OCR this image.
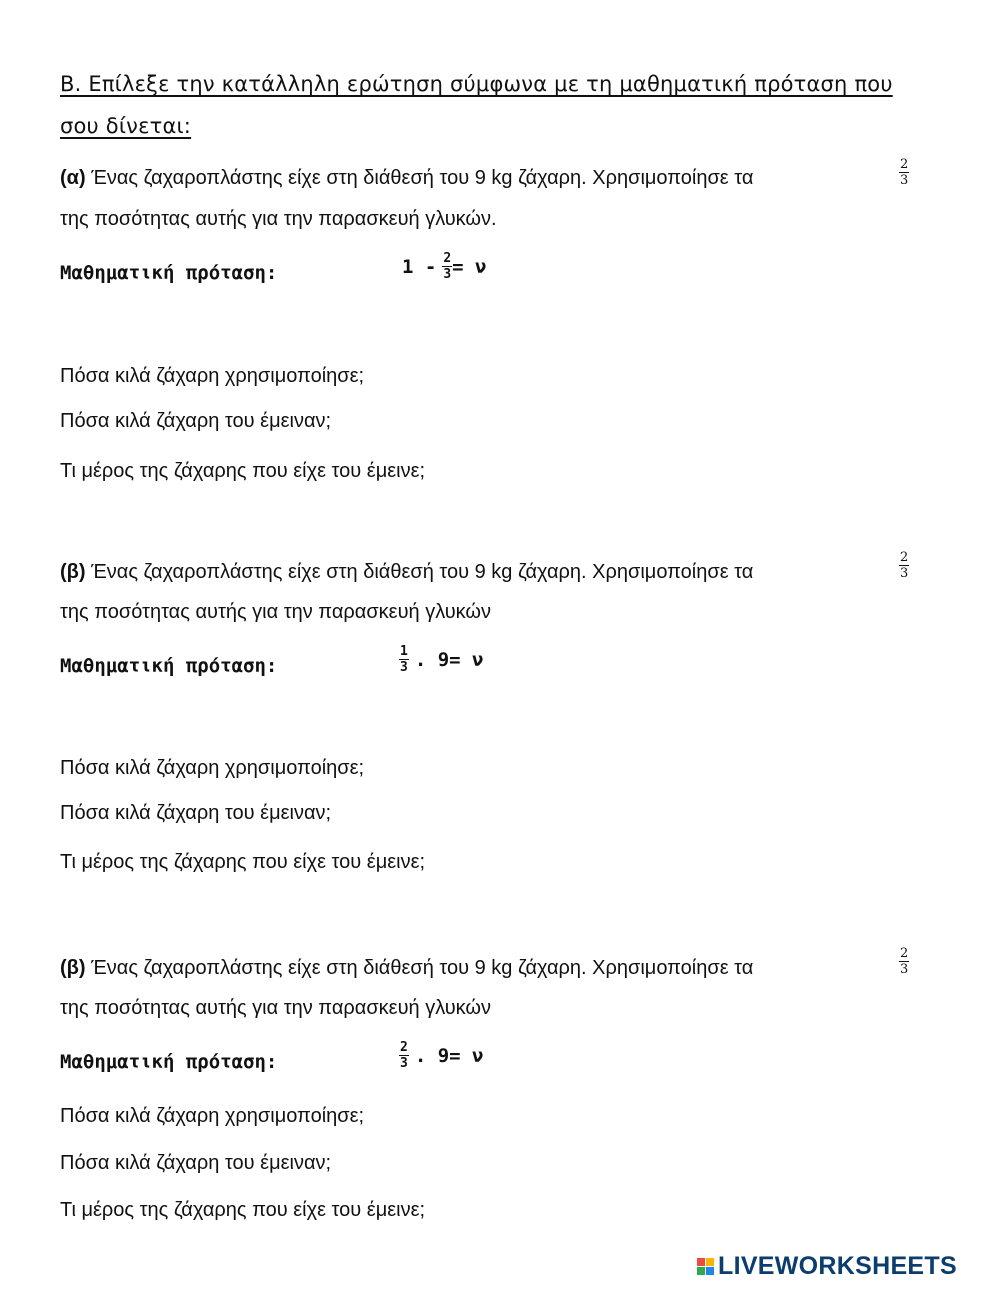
Β. Επίλεξε την κατάλληλη ερώτηση σύμφωνα με τη μαθηματική πρόταση που
σου δίνεται:
(α) Ένας ζαχαροπλάστης είχε στη διάθεσή του 9 kg ζάχαρη. Χρησιμοποίησε τα	$\frac{2}{3}$
της ποσότητας αυτής για την παρασκευή γλυκών.
Μαθηματική πρόταση:	$1 - \frac{2}{3} = \nu$
Πόσα κιλά ζάχαρη χρησιμοποίησε;
Πόσα κιλά ζάχαρη του έμειναν;
Τι μέρος της ζάχαρης που είχε του έμεινε;
(β) Ένας ζαχαροπλάστης είχε στη διάθεσή του 9 kg ζάχαρη. Χρησιμοποίησε τα	$\frac{2}{3}$
της ποσότητας αυτής για την παρασκευή γλυκών
Μαθηματική πρόταση:	$\frac{1}{3}$ . 9= ν
Πόσα κιλά ζάχαρη χρησιμοποίησε;
Πόσα κιλά ζάχαρη του έμειναν;
Τι μέρος της ζάχαρης που είχε του έμεινε;
(β) Ένας ζαχαροπλάστης είχε στη διάθεσή του 9 kg ζάχαρη. Χρησιμοποίησε τα	$\frac{2}{3}$
της ποσότητας αυτής για την παρασκευή γλυκών
Μαθηματική πρόταση:	$\frac{2}{3}$ . 9= ν
Πόσα κιλά ζάχαρη χρησιμοποίησε;
Πόσα κιλά ζάχαρη του έμειναν;
Τι μέρος της ζάχαρης που είχε του έμεινε;
LIVEWORKSHEETS
